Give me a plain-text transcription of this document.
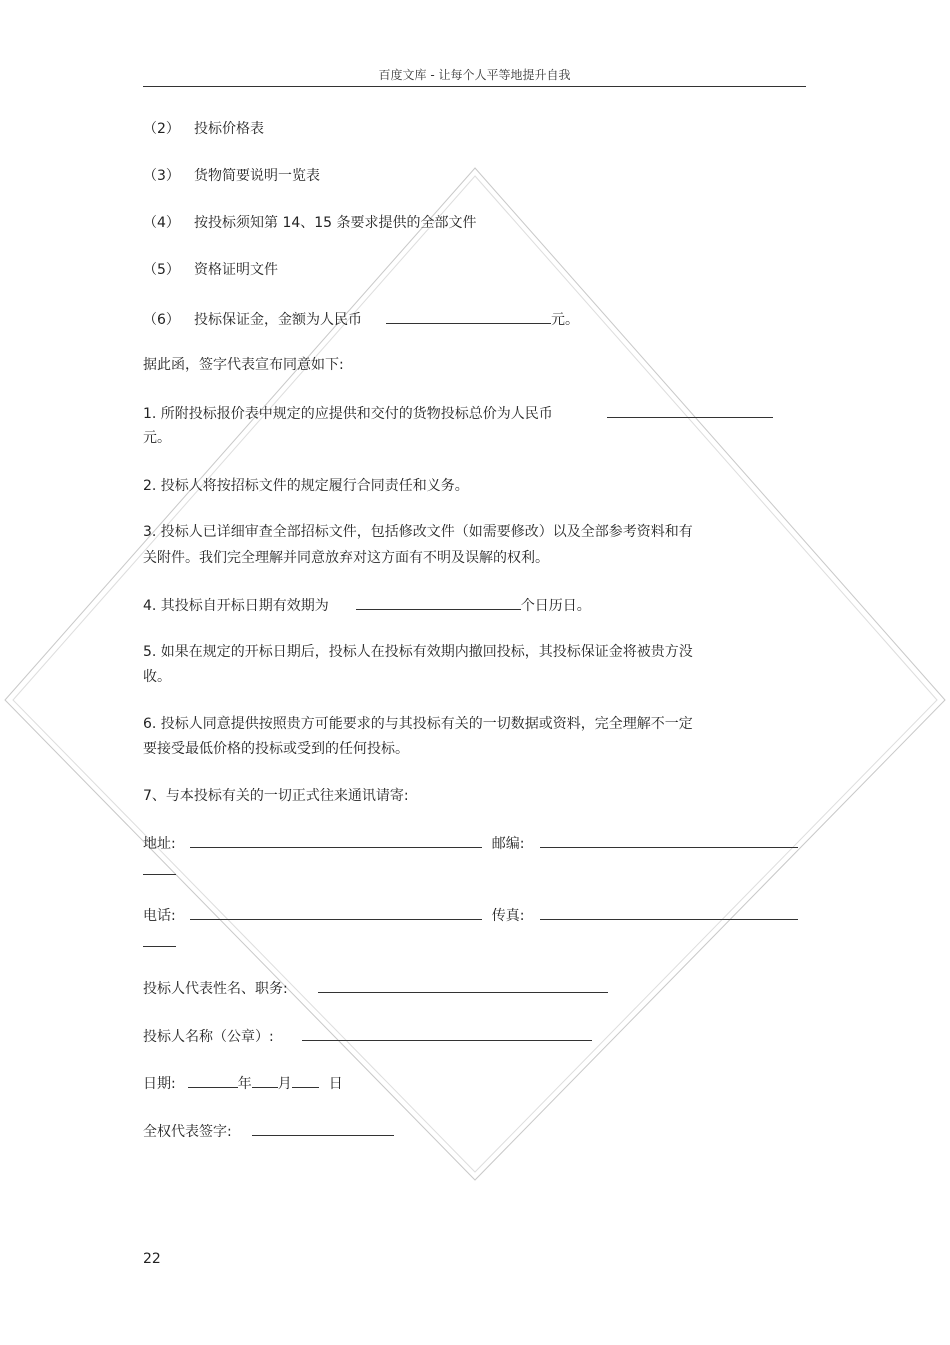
百度文库 - 让每个人平等地提升自我
（2） 投标价格表
（3） 货物简要说明一览表
（4） 按投标须知第 14、15 条要求提供的全部文件
（5） 资格证明文件
（6） 投标保证金，金额为人民币	元。
据此函，签字代表宣布同意如下:
1. 所附投标报价表中规定的应提供和交付的货物投标总价为人民币
元。
2. 投标人将按招标文件的规定履行合同责任和义务。
3. 投标人已详细审查全部招标文件，包括修改文件（如需要修改）以及全部参考资料和有
关附件。我们完全理解并同意放弃对这方面有不明及误解的权利。
4. 其投标自开标日期有效期为	个日历日。
5. 如果在规定的开标日期后，投标人在投标有效期内撤回投标，其投标保证金将被贵方没
收。
6. 投标人同意提供按照贵方可能要求的与其投标有关的一切数据或资料，完全理解不一定
要接受最低价格的投标或受到的任何投标。
7、与本投标有关的一切正式往来通讯请寄:
地址:	邮编:
电话:	传真:
投标人代表性名、职务:
投标人名称（公章）:
日期:	年 月	日
全权代表签字:
22
